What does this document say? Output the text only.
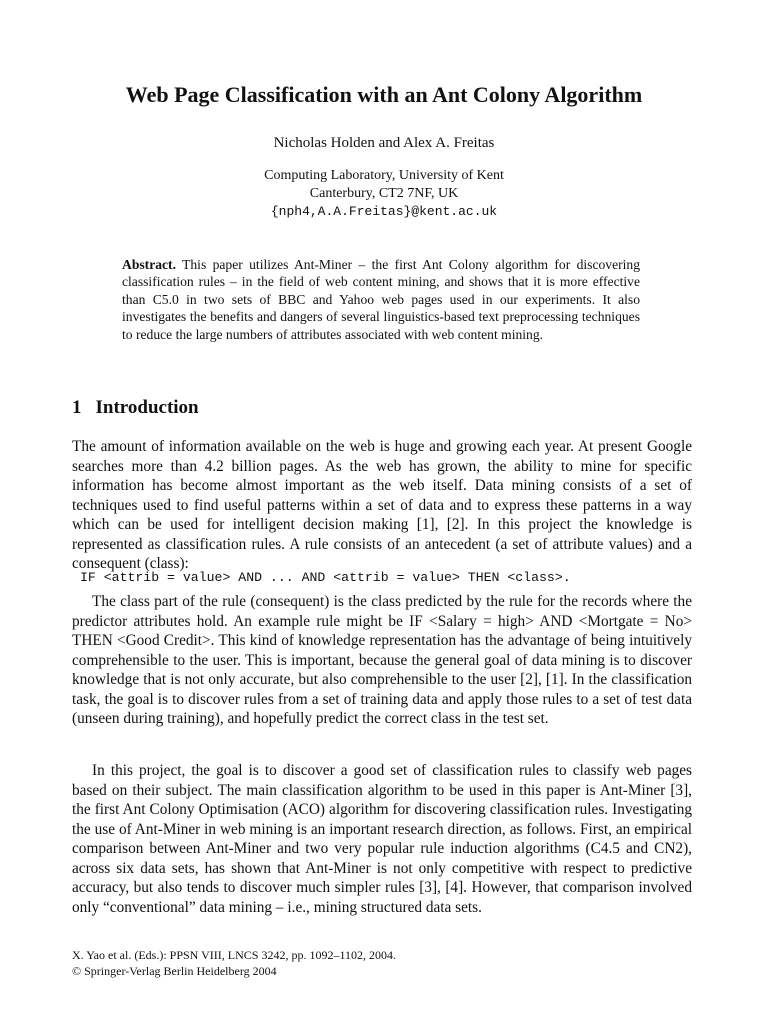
Web Page Classification with an Ant Colony Algorithm
Nicholas Holden and Alex A. Freitas
Computing Laboratory, University of Kent
Canterbury, CT2 7NF, UK
{nph4,A.A.Freitas}@kent.ac.uk
Abstract. This paper utilizes Ant-Miner – the first Ant Colony algorithm for discovering classification rules – in the field of web content mining, and shows that it is more effective than C5.0 in two sets of BBC and Yahoo web pages used in our experiments. It also investigates the benefits and dangers of several linguistics-based text preprocessing techniques to reduce the large numbers of attributes associated with web content mining.
1 Introduction
The amount of information available on the web is huge and growing each year. At present Google searches more than 4.2 billion pages. As the web has grown, the ability to mine for specific information has become almost important as the web itself. Data mining consists of a set of techniques used to find useful patterns within a set of data and to express these patterns in a way which can be used for intelligent decision making [1], [2]. In this project the knowledge is represented as classification rules. A rule consists of an antecedent (a set of attribute values) and a consequent (class):
IF <attrib = value> AND ... AND <attrib = value> THEN <class>.
The class part of the rule (consequent) is the class predicted by the rule for the records where the predictor attributes hold. An example rule might be IF <Salary = high> AND <Mortgate = No> THEN <Good Credit>. This kind of knowledge representation has the advantage of being intuitively comprehensible to the user. This is important, because the general goal of data mining is to discover knowledge that is not only accurate, but also comprehensible to the user [2], [1]. In the classification task, the goal is to discover rules from a set of training data and apply those rules to a set of test data (unseen during training), and hopefully predict the correct class in the test set.
In this project, the goal is to discover a good set of classification rules to classify web pages based on their subject. The main classification algorithm to be used in this paper is Ant-Miner [3], the first Ant Colony Optimisation (ACO) algorithm for discovering classification rules. Investigating the use of Ant-Miner in web mining is an important research direction, as follows. First, an empirical comparison between Ant-Miner and two very popular rule induction algorithms (C4.5 and CN2), across six data sets, has shown that Ant-Miner is not only competitive with respect to predictive accuracy, but also tends to discover much simpler rules [3], [4]. However, that comparison involved only “conventional” data mining – i.e., mining structured data sets.
X. Yao et al. (Eds.): PPSN VIII, LNCS 3242, pp. 1092–1102, 2004.
© Springer-Verlag Berlin Heidelberg 2004
